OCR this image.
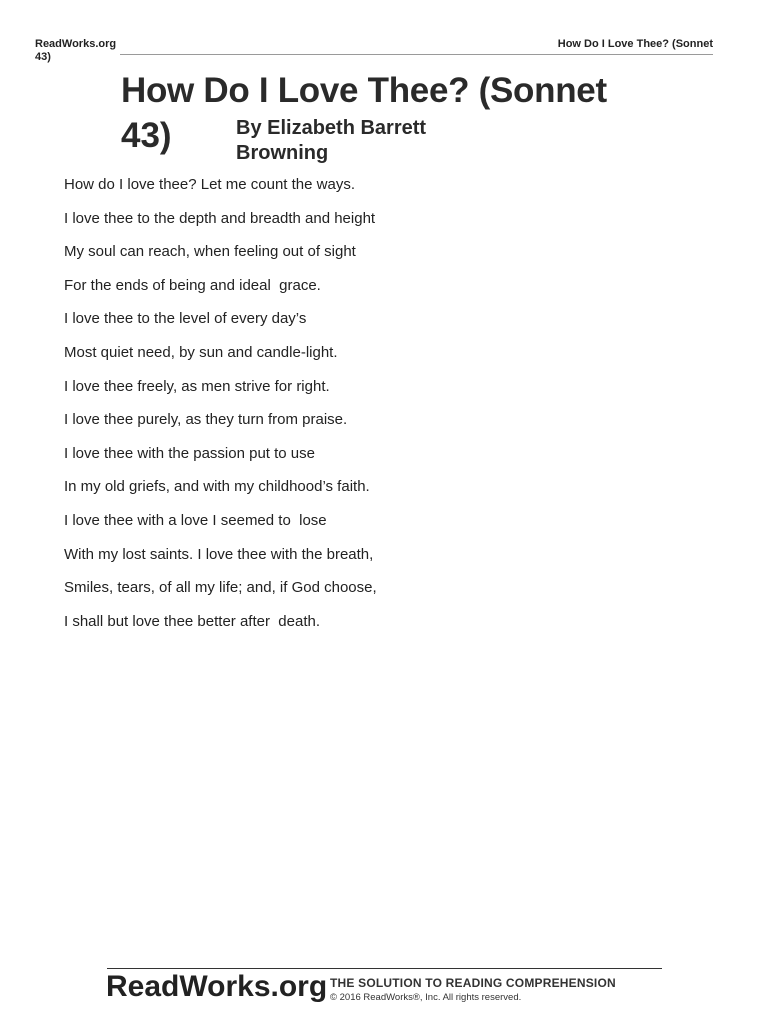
ReadWorks.org	How Do I Love Thee? (Sonnet
43)
How Do I Love Thee? (Sonnet
43)	By Elizabeth Barrett
Browning
How do I love thee? Let me count the ways.
I love thee to the depth and breadth and height
My soul can reach, when feeling out of sight
For the ends of being and ideal  grace.
I love thee to the level of every day’s
Most quiet need, by sun and candle-light.
I love thee freely, as men strive for right.
I love thee purely, as they turn from praise.
I love thee with the passion put to use
In my old griefs, and with my childhood’s faith.
I love thee with a love I seemed to  lose
With my lost saints. I love thee with the breath,
Smiles, tears, of all my life; and, if God choose,
I shall but love thee better after  death.
ReadWorks.org THE SOLUTION TO READING COMPREHENSION
© 2016 ReadWorks®, Inc. All rights reserved.
